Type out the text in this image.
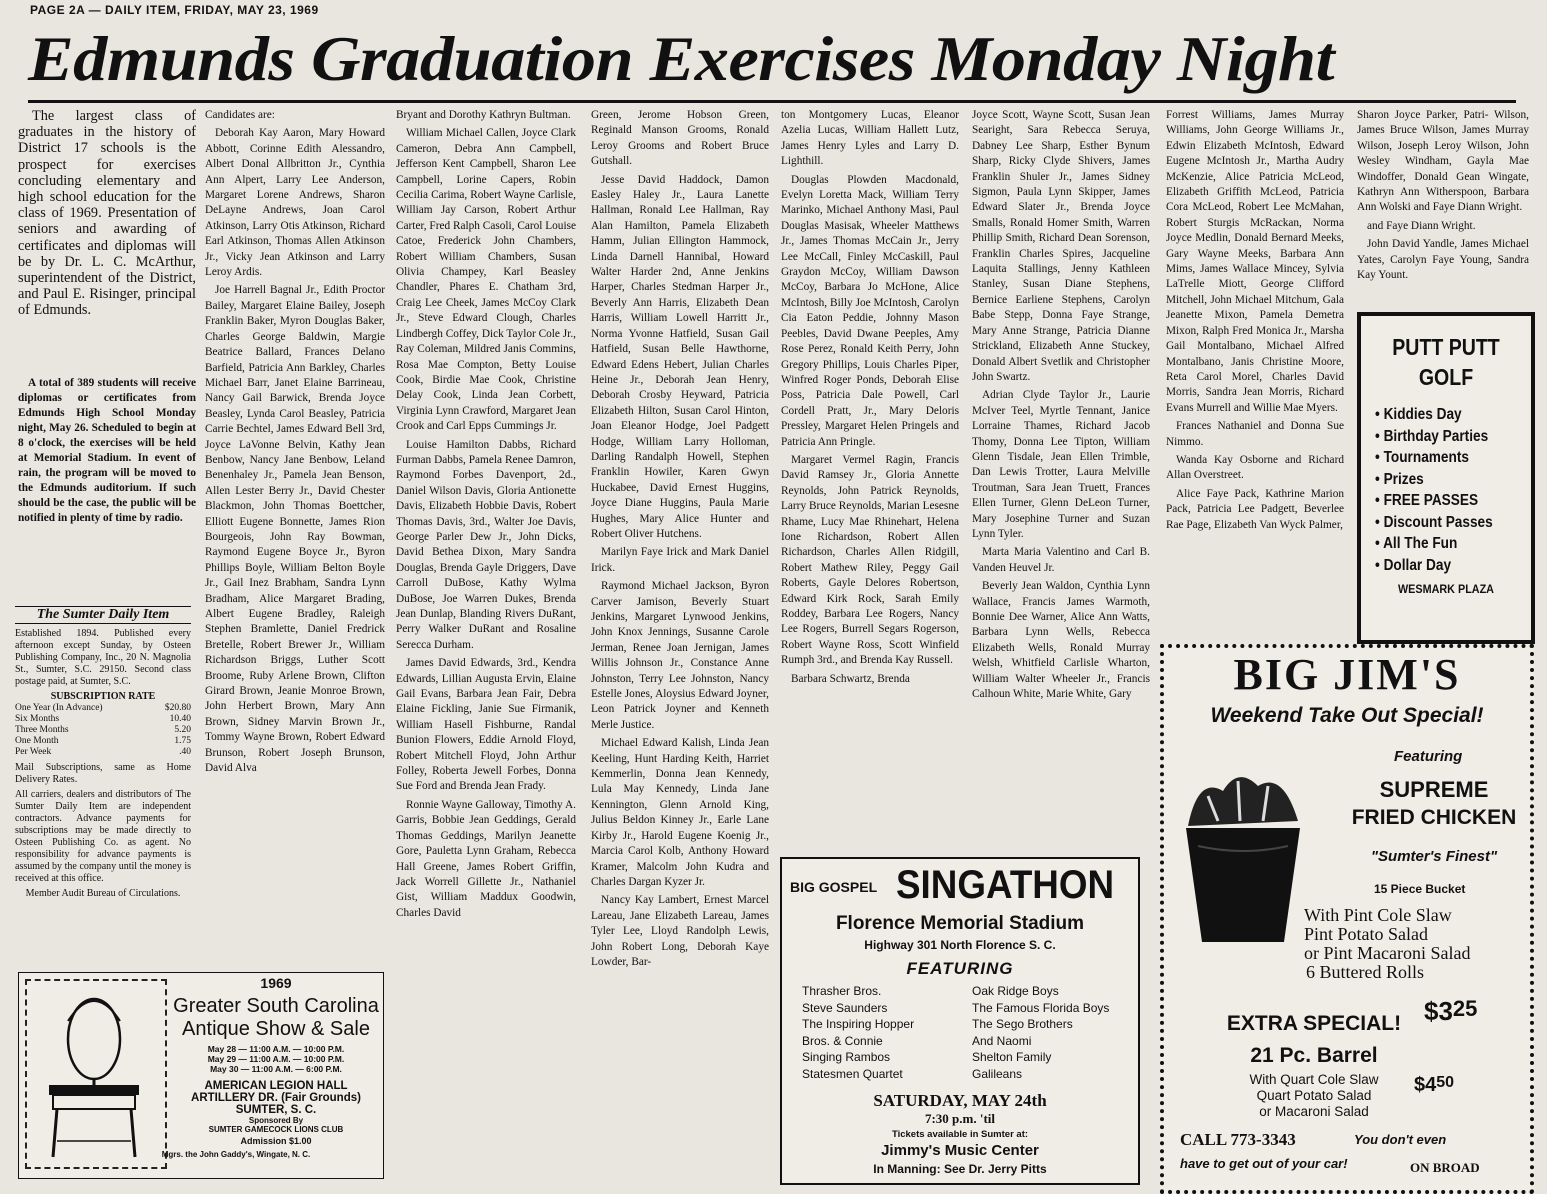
PAGE 2A — DAILY ITEM, FRIDAY, MAY 23, 1969
Edmunds Graduation Exercises Monday Night

The largest class of graduates in the history of District 17 schools is the prospect for exercises concluding elementary and high school education for the class of 1969. Presentation of seniors and awarding of certificates and diplomas will be by Dr. L. C. McArthur, superintendent of the District, and Paul E. Risinger, principal of Edmunds.

A total of 389 students will receive diplomas or certificates from Edmunds High School Monday night, May 26. Scheduled to begin at 8 o'clock, the exercises will be held at Memorial Stadium. In event of rain, the program will be moved to the Edmunds auditorium. If such should be the case, the public will be notified in plenty of time by radio.

The Sumter Daily Item

Established 1894. Published every afternoon except Sunday, by Osteen Publishing Company, Inc., 20 N. Magnolia St., Sumter, S.C. 29150. Second class postage paid, at Sumter, S.C.

SUBSCRIPTION RATE
One Year (In Advance)	$20.80
Six Months	10.40
Three Months	5.20
One Month	1.75
Per Week	.40

Mail Subscriptions, same as Home Delivery Rates.

All carriers, dealers and distributors of The Sumter Daily Item are independent contractors. Advance payments for subscriptions may be made directly to Osteen Publishing Co. as agent. No responsibility for advance payments is assumed by the company until the money is received at this office.

Member Audit Bureau of Circulations.

Candidates are:

Deborah Kay Aaron, Mary Howard Abbott, Corinne Edith Alessandro, Albert Donal Allbritton Jr., Cynthia Ann Alpert, Larry Lee Anderson, Margaret Lorene Andrews, Sharon DeLayne Andrews, Joan Carol Atkinson, Larry Otis Atkinson, Richard Earl Atkinson, Thomas Allen Atkinson Jr., Vicky Jean Atkinson and Larry Leroy Ardis.

Joe Harrell Bagnal Jr., Edith Proctor Bailey, Margaret Elaine Bailey, Joseph Franklin Baker, Myron Douglas Baker, Charles George Baldwin, Margie Beatrice Ballard, Frances Delano Barfield, Patricia Ann Barkley, Charles Michael Barr, Janet Elaine Barrineau, Nancy Gail Barwick, Brenda Joyce Beasley, Lynda Carol Beasley, Patricia Carrie Bechtel, James Edward Bell 3rd, Joyce LaVonne Belvin, Kathy Jean Benbow, Nancy Jane Benbow, Leland Benenhaley Jr., Pamela Jean Benson, Allen Lester Berry Jr., David Chester Blackmon, John Thomas Boettcher, Elliott Eugene Bonnette, James Rion Bourgeois, John Ray Bowman, Raymond Eugene Boyce Jr., Byron Phillips Boyle, William Belton Boyle Jr., Gail Inez Brabham, Sandra Lynn Bradham, Alice Margaret Brading, Albert Eugene Bradley, Raleigh Stephen Bramlette, Daniel Fredrick Bretelle, Robert Brewer Jr., William Richardson Briggs, Luther Scott Broome, Ruby Arlene Brown, Clifton Girard Brown, Jeanie Monroe Brown, John Herbert Brown, Mary Ann Brown, Sidney Marvin Brown Jr., Tommy Wayne Brown, Robert Edward Brunson, Robert Joseph Brunson, David Alva

Bryant and Dorothy Kathryn Bultman.

William Michael Callen, Joyce Clark Cameron, Debra Ann Campbell, Jefferson Kent Campbell, Sharon Lee Campbell, Lorine Capers, Robin Cecilia Carima, Robert Wayne Carlisle, William Jay Carson, Robert Arthur Carter, Fred Ralph Casoli, Carol Louise Catoe, Frederick John Chambers, Robert William Chambers, Susan Olivia Champey, Karl Beasley Chandler, Phares E. Chatham 3rd, Craig Lee Cheek, James McCoy Clark Jr., Steve Edward Clough, Charles Lindbergh Coffey, Dick Taylor Cole Jr., Ray Coleman, Mildred Janis Commins, Rosa Mae Compton, Betty Louise Cook, Birdie Mae Cook, Christine Delay Cook, Linda Jean Corbett, Virginia Lynn Crawford, Margaret Jean Crook and Carl Epps Cummings Jr.

Louise Hamilton Dabbs, Richard Furman Dabbs, Pamela Renee Damron, Raymond Forbes Davenport, 2d., Daniel Wilson Davis, Gloria Antionette Davis, Elizabeth Hobbie Davis, Robert Thomas Davis, 3rd., Walter Joe Davis, George Parler Dew Jr., John Dicks, David Bethea Dixon, Mary Sandra Douglas, Brenda Gayle Driggers, Dave Carroll DuBose, Kathy Wylma DuBose, Joe Warren Dukes, Brenda Jean Dunlap, Blanding Rivers DuRant, Perry Walker DuRant and Rosaline Serecca Durham.

James David Edwards, 3rd., Kendra Edwards, Lillian Augusta Ervin, Elaine Gail Evans, Barbara Jean Fair, Debra Elaine Fickling, Janie Sue Firmanik, William Hasell Fishburne, Randal Bunion Flowers, Eddie Arnold Floyd, Robert Mitchell Floyd, John Arthur Folley, Roberta Jewell Forbes, Donna Sue Ford and Brenda Jean Frady.

Ronnie Wayne Galloway, Timothy A. Garris, Bobbie Jean Geddings, Gerald Thomas Geddings, Marilyn Jeanette Gore, Pauletta Lynn Graham, Rebecca Hall Greene, James Robert Griffin, Jack Worrell Gillette Jr., Nathaniel Gist, William Maddux Goodwin, Charles David

Green, Jerome Hobson Green, Reginald Manson Grooms, Ronald Leroy Grooms and Robert Bruce Gutshall.

Jesse David Haddock, Damon Easley Haley Jr., Laura Lanette Hallman, Ronald Lee Hallman, Ray Alan Hamilton, Pamela Elizabeth Hamm, Julian Ellington Hammock, Linda Darnell Hannibal, Howard Walter Harder 2nd, Anne Jenkins Harper, Charles Stedman Harper Jr., Beverly Ann Harris, Elizabeth Dean Harris, William Lowell Harritt Jr., Norma Yvonne Hatfield, Susan Gail Hatfield, Susan Belle Hawthorne, Edward Edens Hebert, Julian Charles Heine Jr., Deborah Jean Henry, Deborah Crosby Heyward, Patricia Elizabeth Hilton, Susan Carol Hinton, Joan Eleanor Hodge, Joel Padgett Hodge, William Larry Holloman, Darling Randalph Howell, Stephen Franklin Howiler, Karen Gwyn Huckabee, David Ernest Huggins, Joyce Diane Huggins, Paula Marie Hughes, Mary Alice Hunter and Robert Oliver Hutchens.

Marilyn Faye Irick and Mark Daniel Irick.

Raymond Michael Jackson, Byron Carver Jamison, Beverly Stuart Jenkins, Margaret Lynwood Jenkins, John Knox Jennings, Susanne Carole Jerman, Renee Joan Jernigan, James Willis Johnson Jr., Constance Anne Johnston, Terry Lee Johnston, Nancy Estelle Jones, Aloysius Edward Joyner, Leon Patrick Joyner and Kenneth Merle Justice.

Michael Edward Kalish, Linda Jean Keeling, Hunt Harding Keith, Harriet Kemmerlin, Donna Jean Kennedy, Lula May Kennedy, Linda Jane Kennington, Glenn Arnold King, Julius Beldon Kinney Jr., Earle Lane Kirby Jr., Harold Eugene Koenig Jr., Marcia Carol Kolb, Anthony Howard Kramer, Malcolm John Kudra and Charles Dargan Kyzer Jr.

Nancy Kay Lambert, Ernest Marcel Lareau, Jane Elizabeth Lareau, James Tyler Lee, Lloyd Randolph Lewis, John Robert Long, Deborah Kaye Lowder, Bar-

ton Montgomery Lucas, Eleanor Azelia Lucas, William Hallett Lutz, James Henry Lyles and Larry D. Lighthill.

Douglas Plowden Macdonald, Evelyn Loretta Mack, William Terry Marinko, Michael Anthony Masi, Paul Douglas Masisak, Wheeler Matthews Jr., James Thomas McCain Jr., Jerry Lee McCall, Finley McCaskill, Paul Graydon McCoy, William Dawson McCoy, Barbara Jo McHone, Alice McIntosh, Billy Joe McIntosh, Carolyn Cia Eaton Peddie, Johnny Mason Peebles, David Dwane Peeples, Amy Rose Perez, Ronald Keith Perry, John Gregory Phillips, Louis Charles Piper, Winfred Roger Ponds, Deborah Elise Poss, Patricia Dale Powell, Carl Cordell Pratt, Jr., Mary Deloris Pressley, Margaret Helen Pringels and Patricia Ann Pringle.

Margaret Vermel Ragin, Francis David Ramsey Jr., Gloria Annette Reynolds, John Patrick Reynolds, Larry Bruce Reynolds, Marian Lesesne Rhame, Lucy Mae Rhinehart, Helena Ione Richardson, Robert Allen Richardson, Charles Allen Ridgill, Robert Mathew Riley, Peggy Gail Roberts, Gayle Delores Robertson, Edward Kirk Rock, Sarah Emily Roddey, Barbara Lee Rogers, Nancy Lee Rogers, Burrell Segars Rogerson, Robert Wayne Ross, Scott Winfield Rumph 3rd., and Brenda Kay Russell.

Barbara Schwartz, Brenda

Joyce Scott, Wayne Scott, Susan Jean Searight, Sara Rebecca Seruya, Dabney Lee Sharp, Esther Bynum Sharp, Ricky Clyde Shivers, James Franklin Shuler Jr., James Sidney Sigmon, Paula Lynn Skipper, James Edward Slater Jr., Brenda Joyce Smalls, Ronald Homer Smith, Warren Phillip Smith, Richard Dean Sorenson, Franklin Charles Spires, Jacqueline Laquita Stallings, Jenny Kathleen Stanley, Susan Diane Stephens, Bernice Earliene Stephens, Carolyn Babe Stepp, Donna Faye Strange, Mary Anne Strange, Patricia Dianne Strickland, Elizabeth Anne Stuckey, Donald Albert Svetlik and Christopher John Swartz.

Adrian Clyde Taylor Jr., Laurie McIver Teel, Myrtle Tennant, Janice Lorraine Thames, Richard Jacob Thomy, Donna Lee Tipton, William Glenn Tisdale, Jean Ellen Trimble, Dan Lewis Trotter, Laura Melville Troutman, Sara Jean Truett, Frances Ellen Turner, Glenn DeLeon Turner, Mary Josephine Turner and Suzan Lynn Tyler.

Marta Maria Valentino and Carl B. Vanden Heuvel Jr.

Beverly Jean Waldon, Cynthia Lynn Wallace, Francis James Warmoth, Bonnie Dee Warner, Alice Ann Watts, Barbara Lynn Wells, Rebecca Elizabeth Wells, Ronald Murray Welsh, Whitfield Carlisle Wharton, William Walter Wheeler Jr., Francis Calhoun White, Marie White, Gary

Forrest Williams, James Murray Williams, John George Williams Jr., Edwin Elizabeth McIntosh, Edward Eugene McIntosh Jr., Martha Audry McKenzie, Alice Patricia McLeod, Elizabeth Griffith McLeod, Patricia Cora McLeod, Robert Lee McMahan, Robert Sturgis McRackan, Norma Joyce Medlin, Donald Bernard Meeks, Gary Wayne Meeks, Barbara Ann Mims, James Wallace Mincey, Sylvia LaTrelle Miott, George Clifford Mitchell, John Michael Mitchum, Gala Jeanette Mixon, Pamela Demetra Mixon, Ralph Fred Monica Jr., Marsha Gail Montalbano, Michael Alfred Montalbano, Janis Christine Moore, Reta Carol Morel, Charles David Morris, Sandra Jean Morris, Richard Evans Murrell and Willie Mae Myers.

Frances Nathaniel and Donna Sue Nimmo.

Wanda Kay Osborne and Richard Allan Overstreet.

Alice Faye Pack, Kathrine Marion Pack, Patricia Lee Padgett, Beverlee Rae Page, Elizabeth Van Wyck Palmer,

Sharon Joyce Parker, Patri- Wilson, James Bruce Wilson, James Murray Wilson, Joseph Leroy Wilson, John Wesley Windham, Gayla Mae Windoffer, Donald Gean Wingate, Kathryn Ann Witherspoon, Barbara Ann Wolski and Faye Diann Wright.

and Faye Diann Wright.

John David Yandle, James Michael Yates, Carolyn Faye Young, Sandra Kay Yount.

1969
Greater South Carolina
Antique Show & Sale
May 28 — 11:00 A.M. — 10:00 P.M.
May 29 — 11:00 A.M. — 10:00 P.M.
May 30 — 11:00 A.M. — 6:00 P.M.
AMERICAN LEGION HALL
ARTILLERY DR. (Fair Grounds)
SUMTER, S. C.
Sponsored By
SUMTER GAMECOCK LIONS CLUB
Admission $1.00
Mgrs. the John Gaddy's, Wingate, N. C.
PUTT PUTT
GOLF
• Kiddies Day
• Birthday Parties
• Tournaments
• Prizes
• FREE PASSES
• Discount Passes
• All The Fun
• Dollar Day
WESMARK PLAZA
BIG JIM'S
Weekend Take Out Special!
Featuring
SUPREME
FRIED CHICKEN
"Sumter's Finest"
15 Piece Bucket
With Pint Cole Slaw
Pint Potato Salad
or Pint Macaroni Salad
6 Buttered Rolls
EXTRA SPECIAL! $325
21 Pc. Barrel
With Quart Cole Slaw
Quart Potato Salad
or Macaroni Salad
$450
CALL 773-3343	You don't even
have to get out of your car!	ON BROAD
BIG GOSPEL SINGATHON
Florence Memorial Stadium
Highway 301 North Florence S. C.
FEATURING
Thrasher Bros.
Steve Saunders
The Inspiring Hopper
Bros. & Connie
Singing Rambos
Statesmen Quartet
Oak Ridge Boys
The Famous Florida Boys
The Sego Brothers
And Naomi
Shelton Family
Galileans
SATURDAY, MAY 24th
7:30 p.m. 'til
Tickets available in Sumter at:
Jimmy's Music Center
In Manning: See Dr. Jerry Pitts
